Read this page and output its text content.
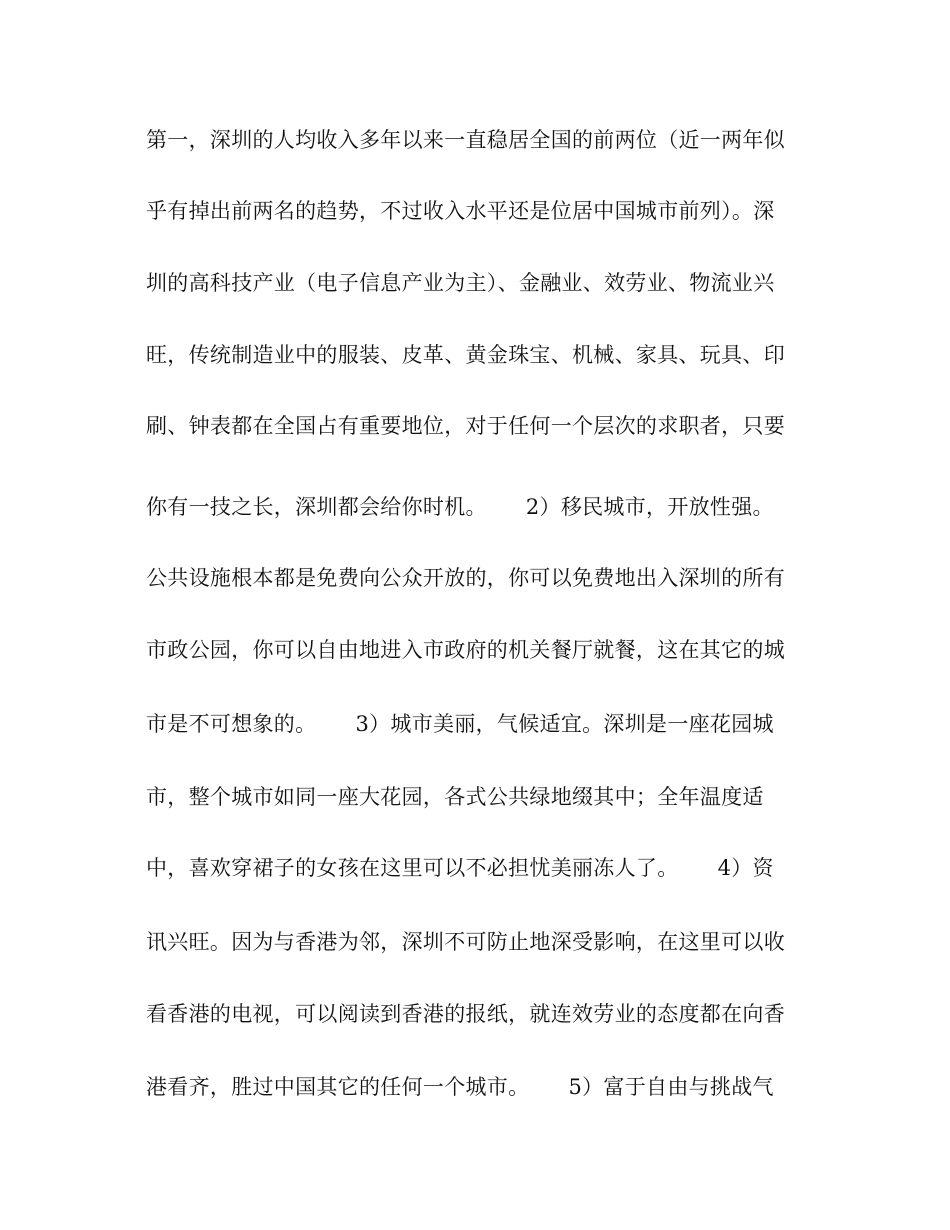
第一，深圳的人均收入多年以来一直稳居全国的前两位（近一两年似
乎有掉出前两名的趋势，不过收入水平还是位居中国城市前列）。深
圳的高科技产业（电子信息产业为主）、金融业、效劳业、物流业兴
旺，传统制造业中的服装、皮革、黄金珠宝、机械、家具、玩具、印
刷、钟表都在全国占有重要地位，对于任何一个层次的求职者，只要
你有一技之长，深圳都会给你时机。　　 2）移民城市，开放性强。
公共设施根本都是免费向公众开放的，你可以免费地出入深圳的所有
市政公园，你可以自由地进入市政府的机关餐厅就餐，这在其它的城
市是不可想象的。　　 3）城市美丽，气候适宜。深圳是一座花园城
市，整个城市如同一座大花园，各式公共绿地缀其中；全年温度适
中，喜欢穿裙子的女孩在这里可以不必担忧美丽冻人了。　　 4）资
讯兴旺。因为与香港为邻，深圳不可防止地深受影响，在这里可以收
看香港的电视，可以阅读到香港的报纸，就连效劳业的态度都在向香
港看齐，胜过中国其它的任何一个城市。　　 5）富于自由与挑战气
